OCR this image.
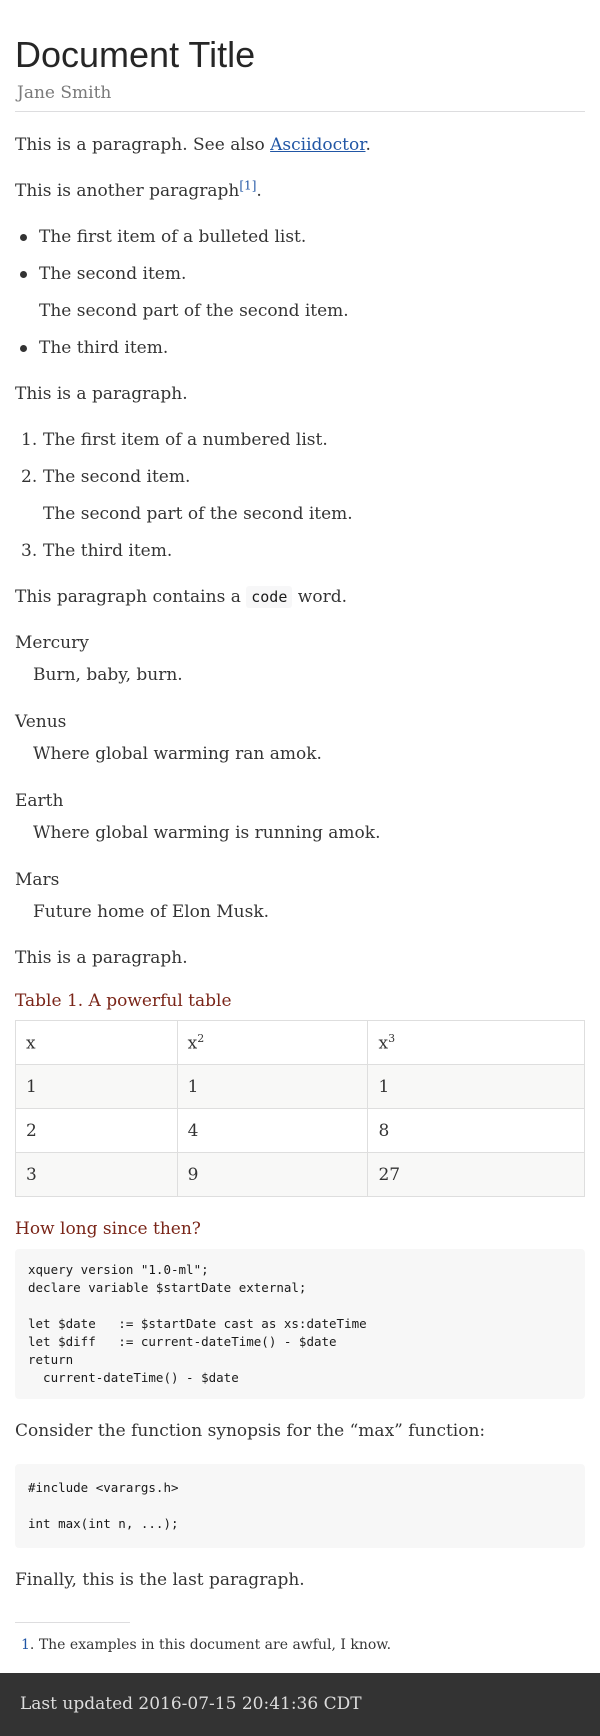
Document Title
Jane Smith

This is a paragraph. See also Asciidoctor.

This is another paragraph[1].

The first item of a bulleted list.
The second item.

The second part of the second item.

The third item.

This is a paragraph.

1. The first item of a numbered list.
2. The second item.

The second part of the second item.

3. The third item.

This paragraph contains a code word.

Mercury
Burn, baby, burn.
Venus
Where global warming ran amok.
Earth
Where global warming is running amok.
Mars
Future home of Elon Musk.

This is a paragraph.

Table 1. A powerful table
x	$x^2$	$x^3$
1	1	1
2	4	8
3	9	27
How long since then?
xquery version "1.0-ml";
declare variable $startDate external;

let $date   := $startDate cast as xs:dateTime
let $diff   := current-dateTime() - $date
return
current-dateTime() - $date

Consider the function synopsis for the “max” function:

#include <varargs.h>

int max(int n, ...);

Finally, this is the last paragraph.

1. The examples in this document are awful, I know.
Last updated 2016-07-15 20:41:36 CDT
